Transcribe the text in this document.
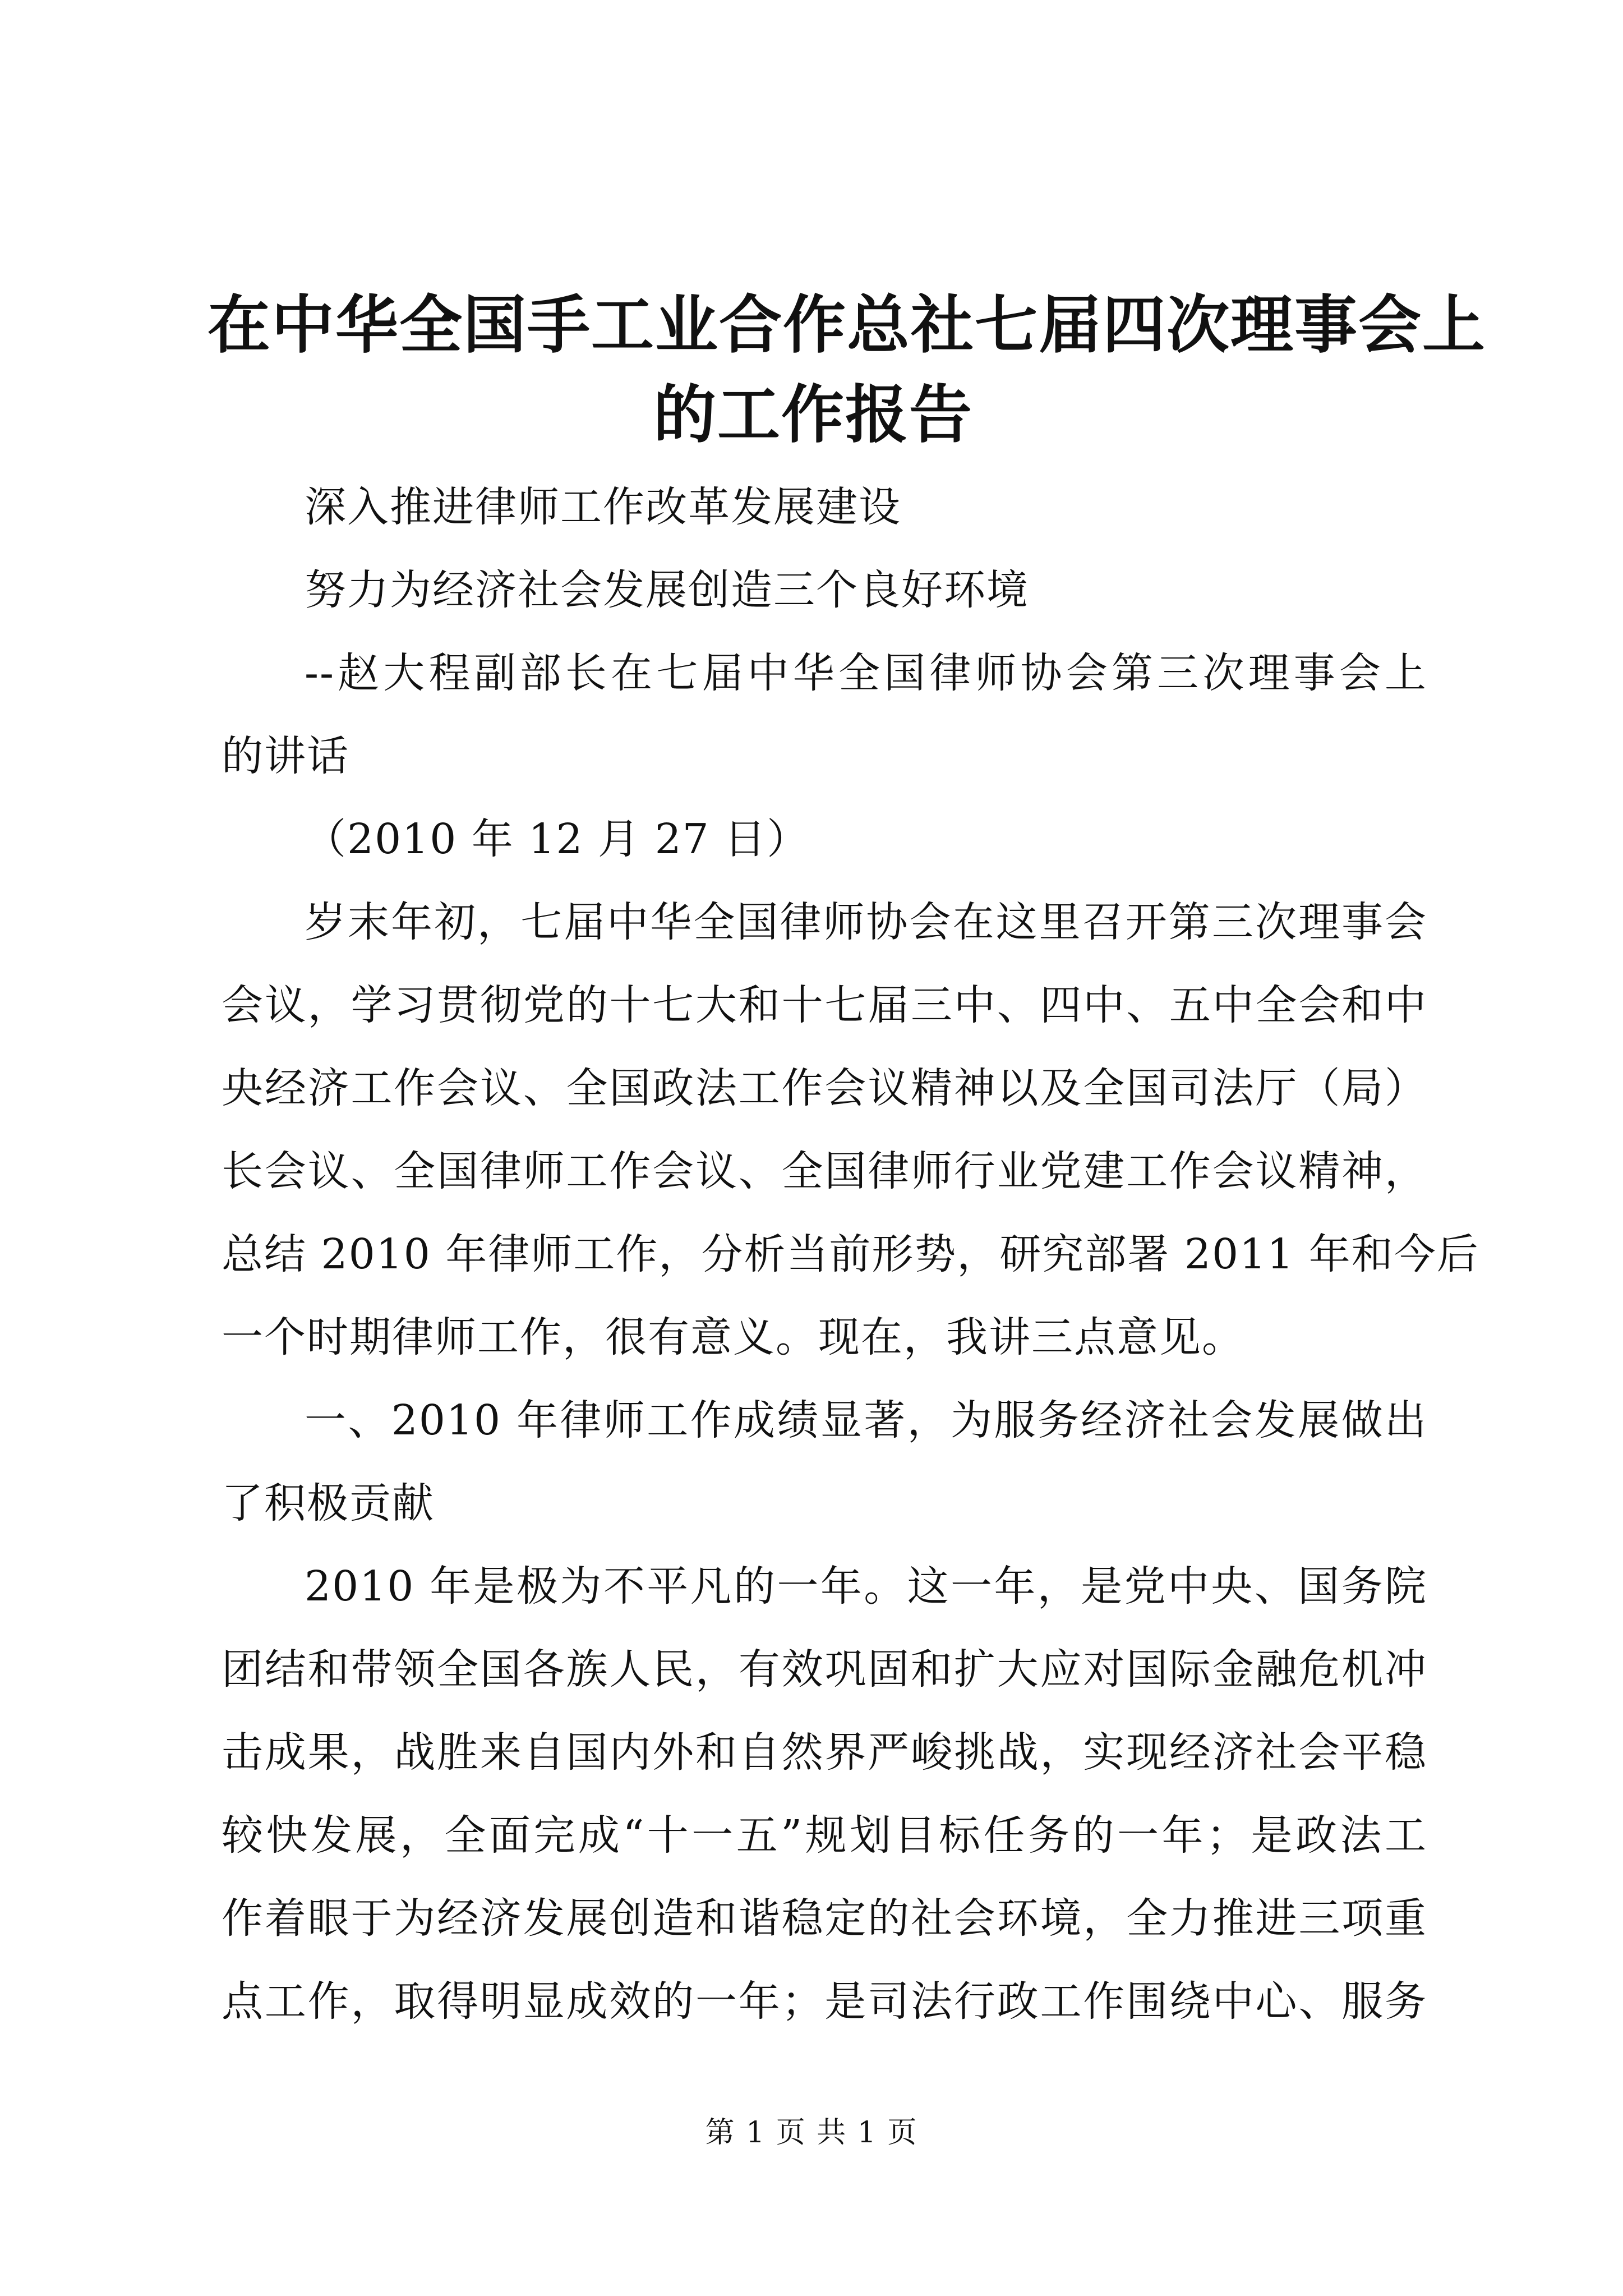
在中华全国手工业合作总社七届四次理事会上
的工作报告
深入推进律师工作改革发展建设
努力为经济社会发展创造三个良好环境
--赵大程副部长在七届中华全国律师协会第三次理事会上
的讲话
（2010 年 12 月 27 日）
岁末年初，七届中华全国律师协会在这里召开第三次理事会
会议，学习贯彻党的十七大和十七届三中、四中、五中全会和中
央经济工作会议、全国政法工作会议精神以及全国司法厅（局）
长会议、全国律师工作会议、全国律师行业党建工作会议精神，
总结 2010 年律师工作，分析当前形势，研究部署 2011 年和今后
一个时期律师工作，很有意义。现在，我讲三点意见。
一、2010 年律师工作成绩显著，为服务经济社会发展做出
了积极贡献
2010 年是极为不平凡的一年。这一年，是党中央、国务院
团结和带领全国各族人民，有效巩固和扩大应对国际金融危机冲
击成果，战胜来自国内外和自然界严峻挑战，实现经济社会平稳
较快发展，全面完成“十一五”规划目标任务的一年；是政法工
作着眼于为经济发展创造和谐稳定的社会环境，全力推进三项重
点工作，取得明显成效的一年；是司法行政工作围绕中心、服务
第 1 页 共 1 页
